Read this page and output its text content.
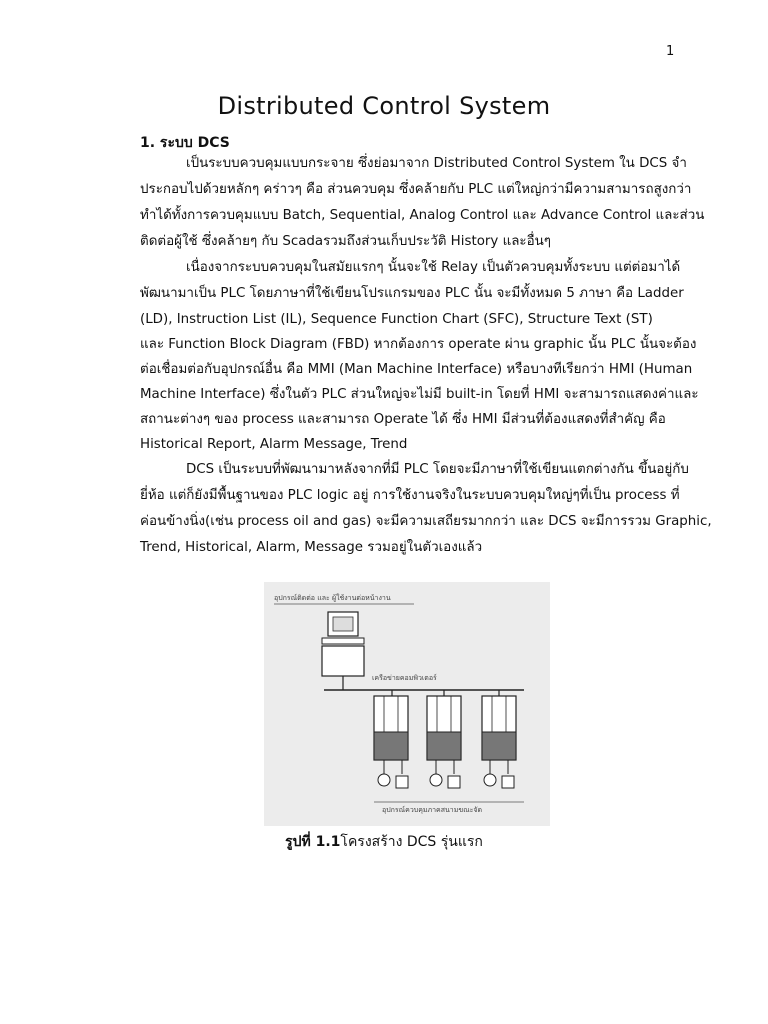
1
Distributed Control System
1. ระบบ DCS
เป็นระบบควบคุมแบบกระจาย ซึ่งย่อมาจาก Distributed Control System ใน DCS จำ
ประกอบไปด้วยหลักๆ คร่าวๆ คือ ส่วนควบคุม ซึ่งคล้ายกับ PLC แต่ใหญ่กว่ามีความสามารถสูงกว่า
ทำได้ทั้งการควบคุมแบบ Batch, Sequential, Analog Control และ Advance Control และส่วน
ติดต่อผู้ใช้ ซึ่งคล้ายๆ กับ Scadaรวมถึงส่วนเก็บประวัติ History และอื่นๆ
เนื่องจากระบบควบคุมในสมัยแรกๆ นั้นจะใช้ Relay เป็นตัวควบคุมทั้งระบบ แต่ต่อมาได้
พัฒนามาเป็น PLC โดยภาษาที่ใช้เขียนโปรแกรมของ PLC นั้น จะมีทั้งหมด 5 ภาษา คือ Ladder
(LD), Instruction List (IL), Sequence Function Chart (SFC), Structure Text (ST)
และ Function Block Diagram (FBD) หากต้องการ operate ผ่าน graphic นั้น PLC นั้นจะต้อง
ต่อเชื่อมต่อกับอุปกรณ์อื่น คือ MMI (Man Machine Interface) หรือบางทีเรียกว่า HMI (Human
Machine Interface) ซึ่งในตัว PLC ส่วนใหญ่จะไม่มี built-in โดยที่ HMI จะสามารถแสดงค่าและ
สถานะต่างๆ ของ process และสามารถ Operate ได้ ซึ่ง HMI มีส่วนที่ต้องแสดงที่สำคัญ คือ
Historical Report, Alarm Message, Trend
DCS เป็นระบบที่พัฒนามาหลังจากที่มี PLC โดยจะมีภาษาที่ใช้เขียนแตกต่างกัน ขึ้นอยู่กับ
ยี่ห้อ แต่ก็ยังมีพื้นฐานของ PLC logic อยู่ การใช้งานจริงในระบบควบคุมใหญ่ๆที่เป็น process ที่
ค่อนข้างนิ่ง(เช่น process oil and gas) จะมีความเสถียรมากกว่า และ DCS จะมีการรวม Graphic,
Trend, Historical, Alarm, Message รวมอยู่ในตัวเองแล้ว
อุปกรณ์ติดต่อ และ ผู้ใช้งานต่อหน้างาน
เครือข่ายคอมพิวเตอร์
อุปกรณ์ควบคุมภาคสนามขณะจัด
รูปที่ 1.1โครงสร้าง DCS รุ่นแรก
